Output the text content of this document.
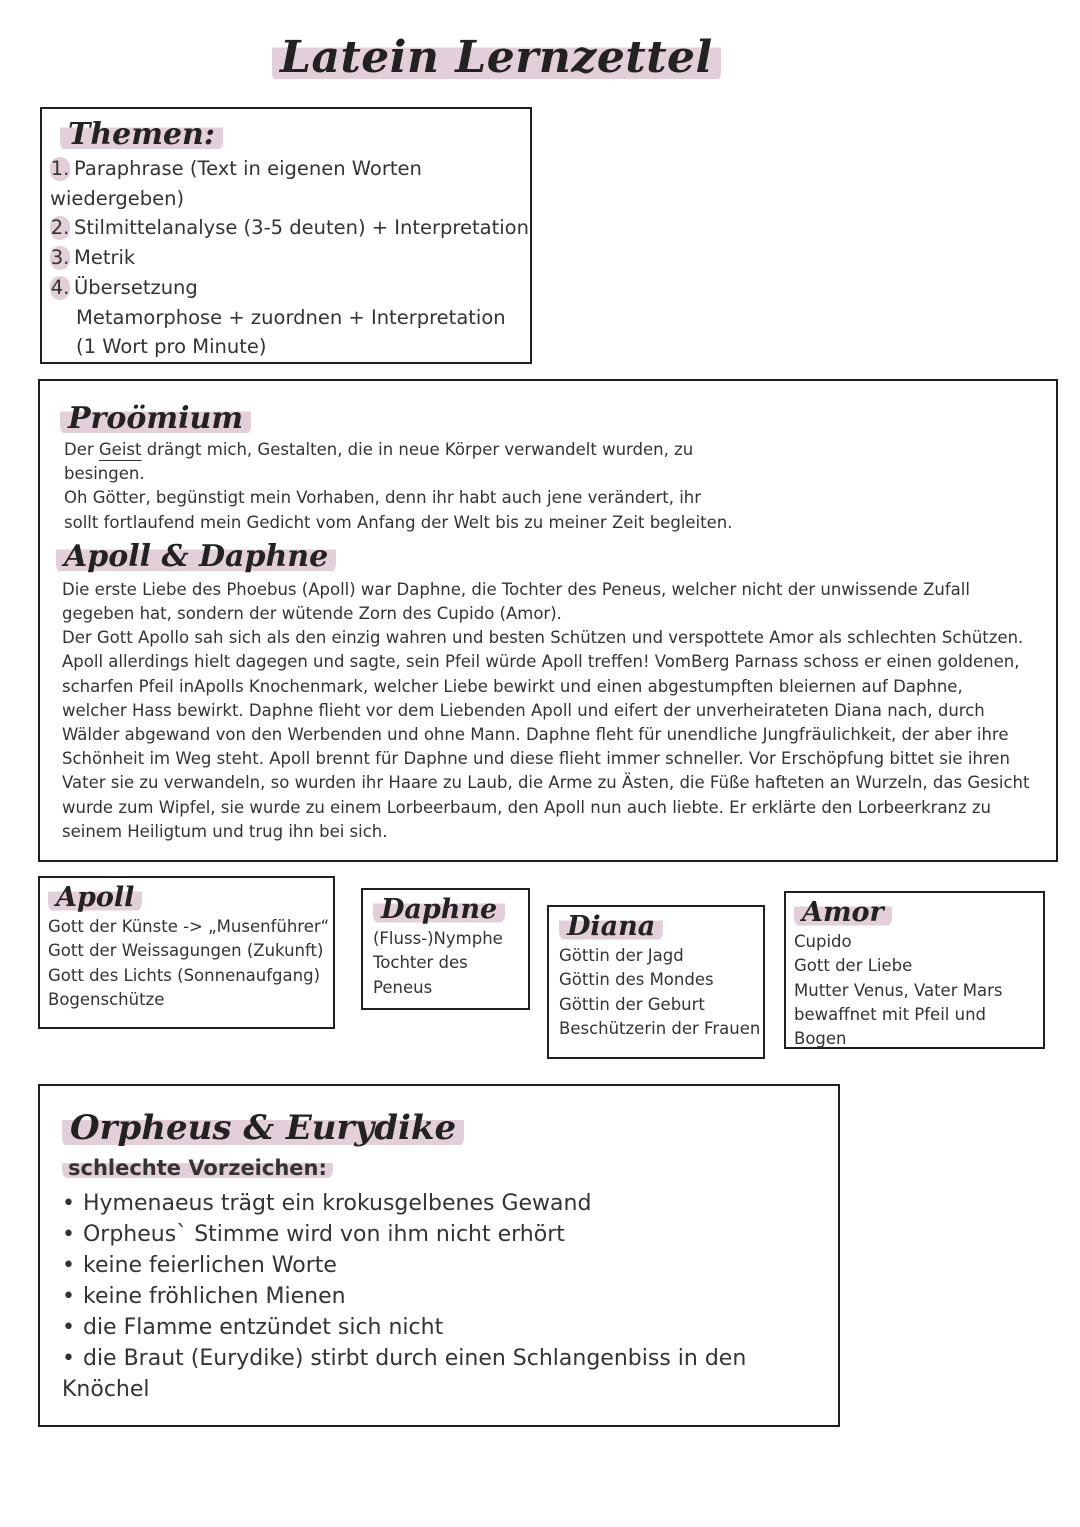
Latein Lernzettel
Themen:
1. Paraphrase (Text in eigenen Worten
wiedergeben)
2. Stilmittelanalyse (3-5 deuten) + Interpretation
3. Metrik
4. Übersetzung
Metamorphose + zuordnen + Interpretation
(1 Wort pro Minute)
Proömium

Der Geist drängt mich, Gestalten, die in neue Körper verwandelt wurden, zu besingen.
Oh Götter, begünstigt mein Vorhaben, denn ihr habt auch jene verändert, ihr sollt fortlaufend mein Gedicht vom Anfang der Welt bis zu meiner Zeit begleiten.

Apoll & Daphne

Die erste Liebe des Phoebus (Apoll) war Daphne, die Tochter des Peneus, welcher nicht der unwissende Zufall gegeben hat, sondern der wütende Zorn des Cupido (Amor).
Der Gott Apollo sah sich als den einzig wahren und besten Schützen und verspottete Amor als schlechten Schützen. Apoll allerdings hielt dagegen und sagte, sein Pfeil würde Apoll treffen! VomBerg Parnass schoss er einen goldenen, scharfen Pfeil inApolls Knochenmark, welcher Liebe bewirkt und einen abgestumpften bleiernen auf Daphne, welcher Hass bewirkt. Daphne flieht vor dem Liebenden Apoll und eifert der unverheirateten Diana nach, durch Wälder abgewand von den Werbenden und ohne Mann. Daphne fleht für unendliche Jungfräulichkeit, der aber ihre Schönheit im Weg steht. Apoll brennt für Daphne und diese flieht immer schneller. Vor Erschöpfung bittet sie ihren Vater sie zu verwandeln, so wurden ihr Haare zu Laub, die Arme zu Ästen, die Füße hafteten an Wurzeln, das Gesicht wurde zum Wipfel, sie wurde zu einem Lorbeerbaum, den Apoll nun auch liebte. Er erklärte den Lorbeerkranz zu seinem Heiligtum und trug ihn bei sich.

Apoll
Gott der Künste -> „Musenführer“
Gott der Weissagungen (Zukunft)
Gott des Lichts (Sonnenaufgang)
Bogenschütze
Daphne
(Fluss-)Nymphe
Tochter des
Peneus
Diana
Göttin der Jagd
Göttin des Mondes
Göttin der Geburt
Beschützerin der Frauen
Amor
Cupido
Gott der Liebe
Mutter Venus, Vater Mars
bewaffnet mit Pfeil und Bogen
Orpheus & Eurydike
schlechte Vorzeichen:
• Hymenaeus trägt ein krokusgelbenes Gewand
• Orpheus` Stimme wird von ihm nicht erhört
• keine feierlichen Worte
• keine fröhlichen Mienen
• die Flamme entzündet sich nicht
• die Braut (Eurydike) stirbt durch einen Schlangenbiss in den Knöchel
